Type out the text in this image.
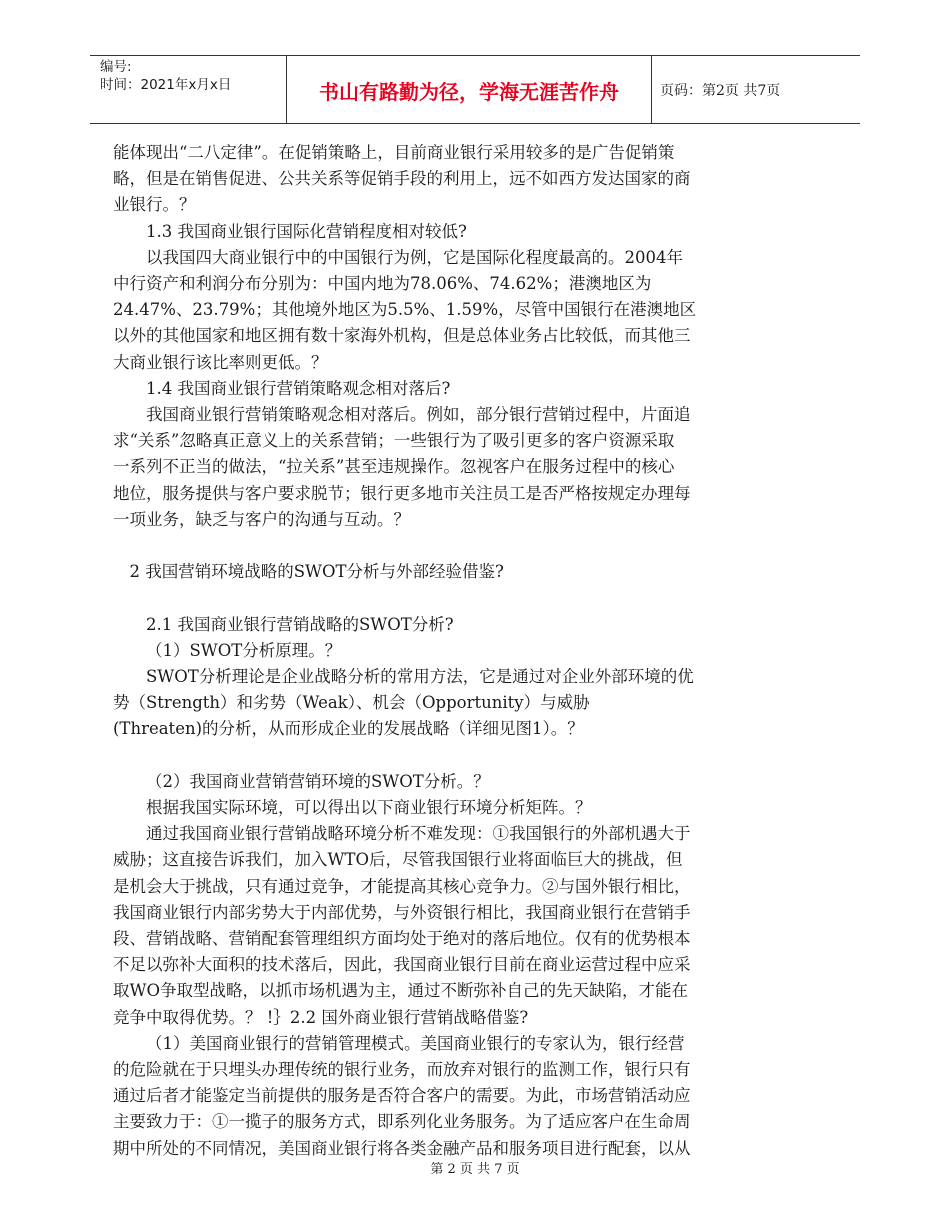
编号:
时间：2021年x月x日	书山有路勤为径，学海无涯苦作舟	页码：第2页 共7页

能体现出“二八定律”。在促销策略上，目前商业银行采用较多的是广告促销策

略，但是在销售促进、公共关系等促销手段的利用上，远不如西方发达国家的商

业银行。？

1.3 我国商业银行国际化营销程度相对较低?

以我国四大商业银行中的中国银行为例，它是国际化程度最高的。2004年

中行资产和利润分布分别为：中国内地为78.06%、74.62%；港澳地区为

24.47%、23.79%；其他境外地区为5.5%、1.59%，尽管中国银行在港澳地区

以外的其他国家和地区拥有数十家海外机构，但是总体业务占比较低，而其他三

大商业银行该比率则更低。？

1.4 我国商业银行营销策略观念相对落后?

我国商业银行营销策略观念相对落后。例如，部分银行营销过程中，片面追

求“关系”忽略真正意义上的关系营销；一些银行为了吸引更多的客户资源采取

一系列不正当的做法，“拉关系”甚至违规操作。忽视客户在服务过程中的核心

地位，服务提供与客户要求脱节；银行更多地市关注员工是否严格按规定办理每

一项业务，缺乏与客户的沟通与互动。？

2 我国营销环境战略的SWOT分析与外部经验借鉴?

2.1 我国商业银行营销战略的SWOT分析?

（1）SWOT分析原理。？

SWOT分析理论是企业战略分析的常用方法，它是通过对企业外部环境的优

势（Strength）和劣势（Weak）、机会（Opportunity）与威胁

(Threaten)的分析，从而形成企业的发展战略（详细见图1）。？

（2）我国商业营销营销环境的SWOT分析。？

根据我国实际环境，可以得出以下商业银行环境分析矩阵。？

通过我国商业银行营销战略环境分析不难发现：①我国银行的外部机遇大于

威胁；这直接告诉我们，加入WTO后，尽管我国银行业将面临巨大的挑战，但

是机会大于挑战，只有通过竞争，才能提高其核心竞争力。②与国外银行相比，

我国商业银行内部劣势大于内部优势，与外资银行相比，我国商业银行在营销手

段、营销战略、营销配套管理组织方面均处于绝对的落后地位。仅有的优势根本

不足以弥补大面积的技术落后，因此，我国商业银行目前在商业运营过程中应采

取WO争取型战略，以抓市场机遇为主，通过不断弥补自己的先天缺陷，才能在

竞争中取得优势。？ !｝2.2 国外商业银行营销战略借鉴?

（1）美国商业银行的营销管理模式。美国商业银行的专家认为，银行经营

的危险就在于只埋头办理传统的银行业务，而放弃对银行的监测工作，银行只有

通过后者才能鉴定当前提供的服务是否符合客户的需要。为此，市场营销活动应

主要致力于：①一揽子的服务方式，即系列化业务服务。为了适应客户在生命周

期中所处的不同情况，美国商业银行将各类金融产品和服务项目进行配套，以从

第 2 页 共 7 页
